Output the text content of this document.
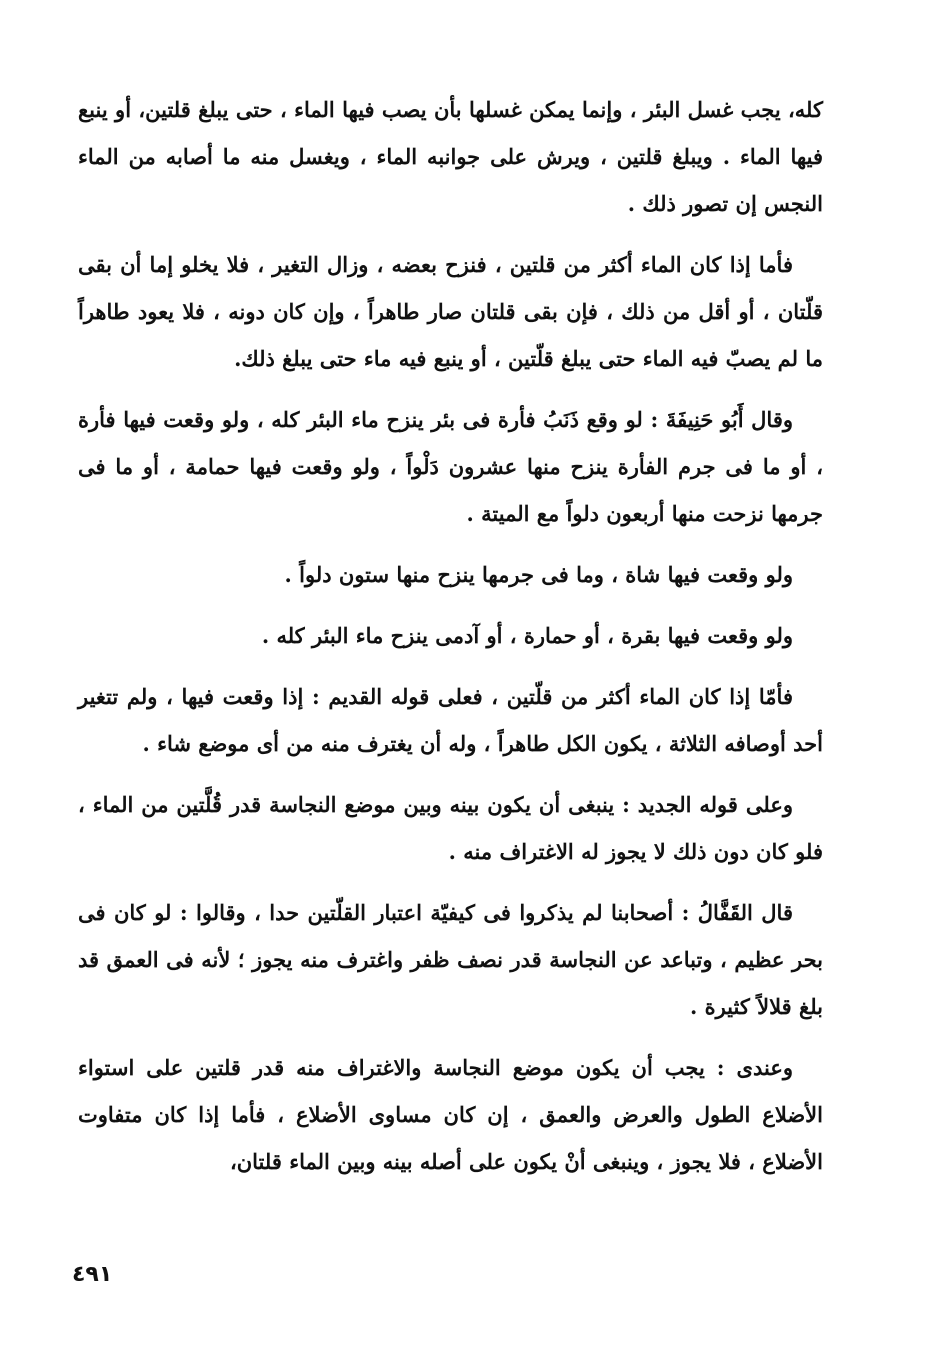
كله، يجب غسل البئر ، وإنما يمكن غسلها بأن يصب فيها الماء ، حتى يبلغ قلتين، أو ينبع فيها الماء . ويبلغ قلتين ، ويرش على جوانبه الماء ، ويغسل منه ما أصابه من الماء النجس إن تصور ذلك .

فأما إذا كان الماء أكثر من قلتين ، فنزح بعضه ، وزال التغير ، فلا يخلو إما أن بقى قلّتان ، أو أقل من ذلك ، فإن بقى قلتان صار طاهراً ، وإن كان دونه ، فلا يعود طاهراً ما لم يصبّ فيه الماء حتى يبلغ قلّتين ، أو ينبع فيه ماء حتى يبلغ ذلك.

وقال أَبُو حَنِيفَةَ : لو وقع ذَنَبُ فأرة فى بئر ينزح ماء البئر كله ، ولو وقعت فيها فأرة ، أو ما فى جرم الفأرة ينزح منها عشرون دَلْواً ، ولو وقعت فيها حمامة ، أو ما فى جرمها نزحت منها أربعون دلواً مع الميتة .

ولو وقعت فيها شاة ، وما فى جرمها ينزح منها ستون دلواً .

ولو وقعت فيها بقرة ، أو حمارة ، أو آدمى ينزح ماء البئر كله .

فأمّا إذا كان الماء أكثر من قلّتين ، فعلى قوله القديم : إذا وقعت فيها ، ولم تتغير أحد أوصافه الثلاثة ، يكون الكل طاهراً ، وله أن يغترف منه من أى موضع شاء .

وعلى قوله الجديد : ينبغى أن يكون بينه وبين موضع النجاسة قدر قُلَّتين من الماء ، فلو كان دون ذلك لا يجوز له الاغتراف منه .

قال القَفَّالُ : أصحابنا لم يذكروا فى كيفيّة اعتبار القلّتين حدا ، وقالوا : لو كان فى بحر عظيم ، وتباعد عن النجاسة قدر نصف ظفر واغترف منه يجوز ؛ لأنه فى العمق قد بلغ قلالاً كثيرة .

وعندى : يجب أن يكون موضع النجاسة والاغتراف منه قدر قلتين على استواء الأضلاع الطول والعرض والعمق ، إن كان مساوى الأضلاع ، فأما إذا كان متفاوت الأضلاع ، فلا يجوز ، وينبغى أنْ يكون على أصله بينه وبين الماء قلتان،

٤٩١
